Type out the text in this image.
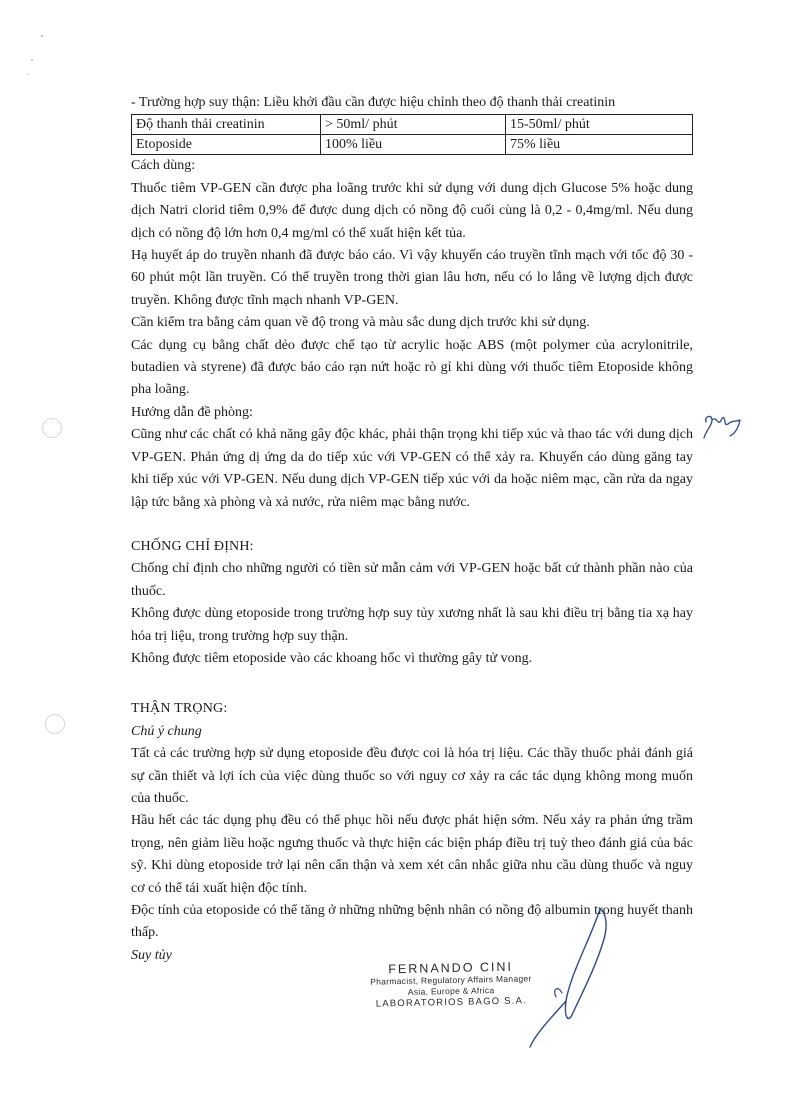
- Trường hợp suy thận: Liều khởi đầu cần được hiệu chỉnh theo độ thanh thải creatinin

Độ thanh thải creatinin	> 50ml/ phút	15-50ml/ phút
Etoposide	100% liều	75% liều

Cách dùng:

Thuốc tiêm VP-GEN cần được pha loãng trước khi sử dụng với dung dịch Glucose 5% hoặc dung dịch Natri clorid tiêm 0,9% để được dung dịch có nồng độ cuối cùng là 0,2 - 0,4mg/ml. Nếu dung dịch có nồng độ lớn hơn 0,4 mg/ml có thể xuất hiện kết tủa.

Hạ huyết áp do truyền nhanh đã được báo cáo. Vì vậy khuyến cáo truyền tĩnh mạch với tốc độ 30 - 60 phút một lần truyền. Có thể truyền trong thời gian lâu hơn, nếu có lo lắng về lượng dịch được truyền. Không được tĩnh mạch nhanh VP-GEN.

Cần kiểm tra bằng cảm quan về độ trong và màu sắc dung dịch trước khi sử dụng.

Các dụng cụ bằng chất dẻo được chế tạo từ acrylic hoặc ABS (một polymer của acrylonitrile, butadien và styrene) đã được báo cáo rạn nứt hoặc rò gỉ khi dùng với thuốc tiêm Etoposide không pha loãng.

Hướng dẫn đề phòng:

Cũng như các chất có khả năng gây độc khác, phải thận trọng khi tiếp xúc và thao tác với dung dịch VP-GEN. Phản ứng dị ứng da do tiếp xúc với VP-GEN có thể xảy ra. Khuyến cáo dùng găng tay khi tiếp xúc với VP-GEN. Nếu dung dịch VP-GEN tiếp xúc với da hoặc niêm mạc, cần rửa da ngay lập tức bằng xà phòng và xả nước, rửa niêm mạc bằng nước.

CHỐNG CHỈ ĐỊNH:

Chống chỉ định cho những người có tiền sử mẫn cảm với VP-GEN hoặc bất cứ thành phần nào của thuốc.

Không được dùng etoposide trong trường hợp suy tủy xương nhất là sau khi điều trị bằng tia xạ hay hóa trị liệu, trong trường hợp suy thận.

Không được tiêm etoposide vào các khoang hốc vì thường gây tử vong.

THẬN TRỌNG:

Chú ý chung

Tất cả các trường hợp sử dụng etoposide đều được coi là hóa trị liệu. Các thầy thuốc phải đánh giá sự cần thiết và lợi ích của việc dùng thuốc so với nguy cơ xảy ra các tác dụng không mong muốn của thuốc.

Hầu hết các tác dụng phụ đều có thể phục hồi nếu được phát hiện sớm. Nếu xảy ra phản ứng trầm trọng, nên giảm liều hoặc ngưng thuốc và thực hiện các biện pháp điều trị tuỳ theo đánh giá của bác sỹ. Khi dùng etoposide trở lại nên cẩn thận và xem xét cân nhắc giữa nhu cầu dùng thuốc và nguy cơ có thể tái xuất hiện độc tính.

Độc tính của etoposide có thể tăng ở những những bệnh nhân có nồng độ albumin trong huyết thanh thấp.

Suy tủy

FERNANDO CINI
Pharmacist, Regulatory Affairs Manager
Asia, Europe & Africa
LABORATORIOS BAGO S.A.
